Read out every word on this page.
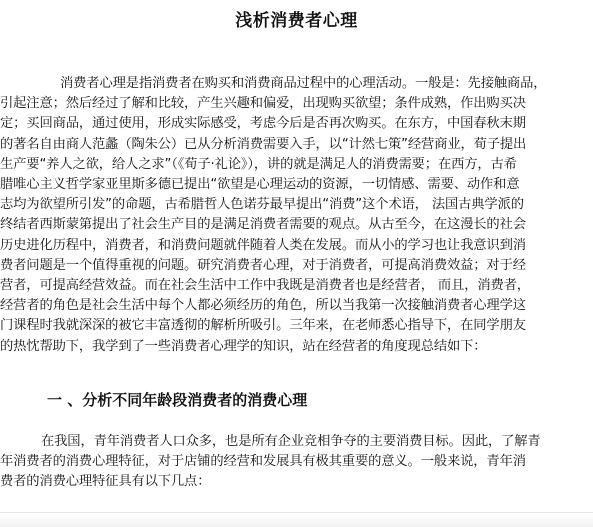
浅析消费者心理
消费者心理是指消费者在购买和消费商品过程中的心理活动。一般是：先接触商品，
引起注意；然后经过了解和比较，产生兴趣和偏爱，出现购买欲望；条件成熟，作出购买决
定；买回商品，通过使用，形成实际感受，考虑今后是否再次购买。在东方，中国春秋末期
的著名自由商人范蠡（陶朱公）已从分析消费需要入手，以“计然七策”经营商业，荀子提出
生产要“养人之欲，给人之求”（《荀子·礼论》），讲的就是满足人的消费需要；在西方，古希
腊唯心主义哲学家亚里斯多德已提出“欲望是心理运动的资源，一切情感、需要、动作和意
志均为欲望所引发”的命题，古希腊哲人色诺芬最早提出“消费”这个术语， 法国古典学派的
终结者西斯蒙第提出了社会生产目的是满足消费者需要的观点。从古至今，在这漫长的社会
历史进化历程中，消费者，和消费问题就伴随着人类在发展。而从小的学习也让我意识到消
费者问题是一个值得重视的问题。研究消费者心理，对于消费者，可提高消费效益；对于经
营者，可提高经营效益。而在社会生活中工作中我既是消费者也是经营者， 而且，消费者，
经营者的角色是社会生活中每个人都必须经历的角色，所以当我第一次接触消费者心理学这
门课程时我就深深的被它丰富透彻的解析所吸引。三年来，在老师悉心指导下，在同学朋友
的热忱帮助下，我学到了一些消费者心理学的知识，站在经营者的角度现总结如下：
一 、分析不同年龄段消费者的消费心理
在我国，青年消费者人口众多，也是所有企业竞相争夺的主要消费目标。因此，了解青
年消费者的消费心理特征，对于店铺的经营和发展具有极其重要的意义。一般来说，青年消
费者的消费心理特征具有以下几点：
